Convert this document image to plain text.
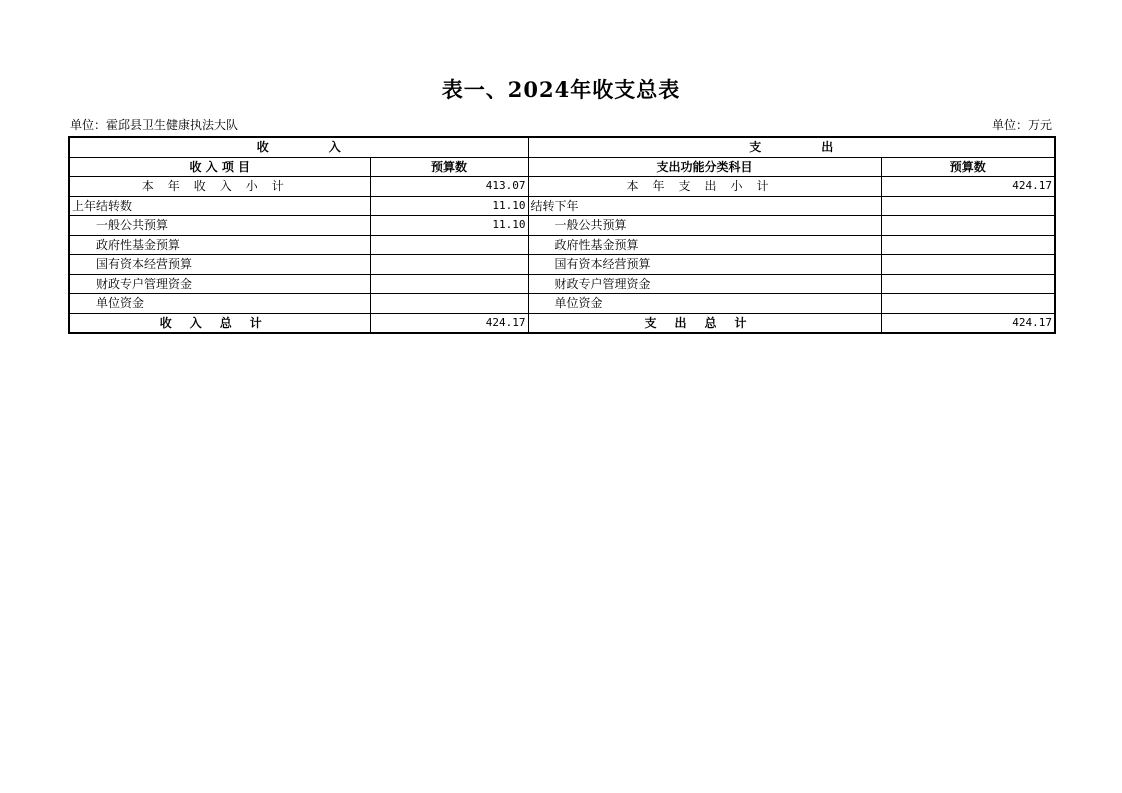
表一、2024年收支总表
单位：霍邱县卫生健康执法大队	单位：万元
收　　　　　入		支　　　　　出	
收 入 项 目	预算数	支出功能分类科目	预算数
本年收入小计	413.07	本年支出小计	424.17
上年结转数	11.10	结转下年	
一般公共预算	11.10	一般公共预算	
政府性基金预算		政府性基金预算	
国有资本经营预算		国有资本经营预算	
财政专户管理资金		财政专户管理资金	
单位资金		单位资金	
收入总计	424.17	支出总计	424.17
